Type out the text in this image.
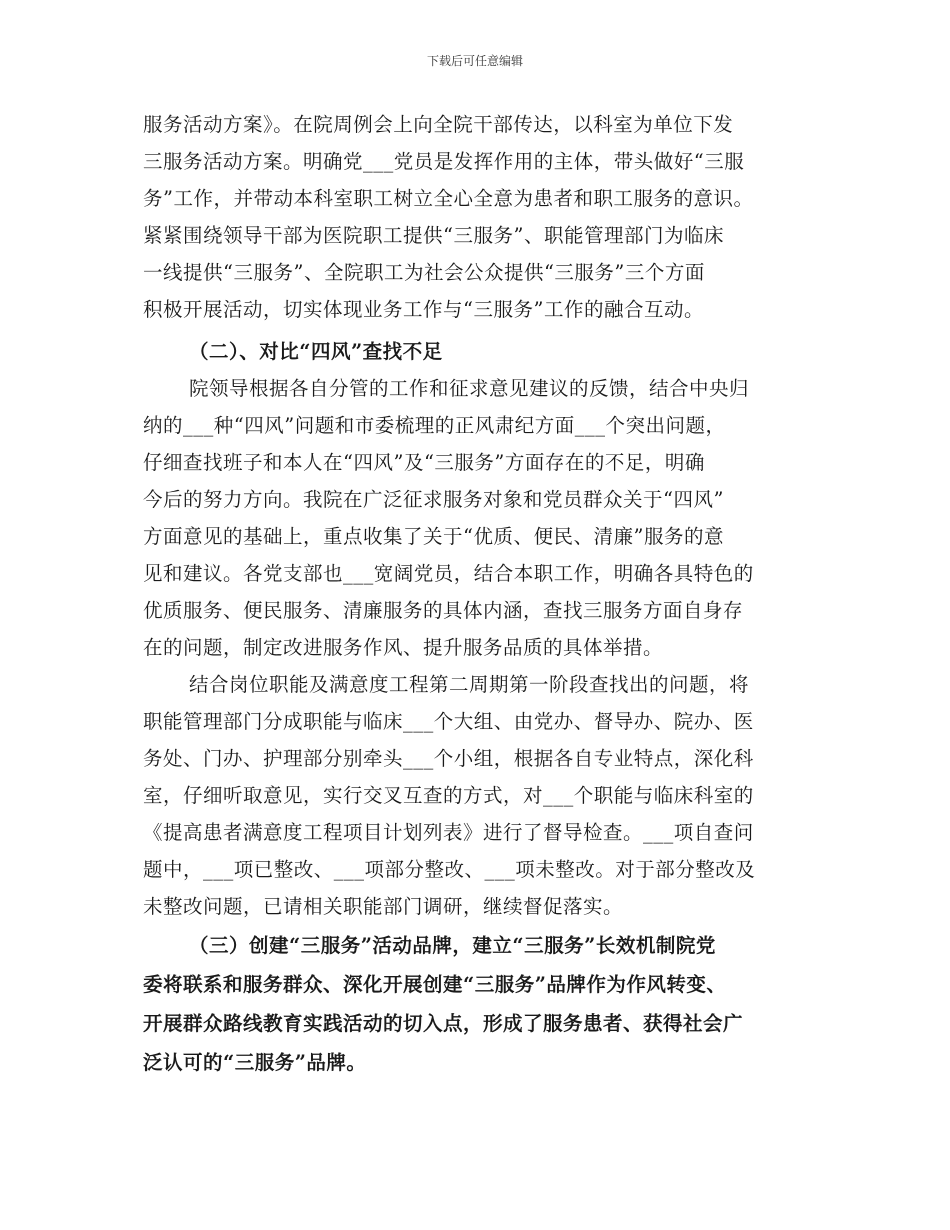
下载后可任意编辑
服务活动方案》。在院周例会上向全院干部传达，以科室为单位下发
三服务活动方案。明确党___党员是发挥作用的主体，带头做好“三服
务”工作，并带动本科室职工树立全心全意为患者和职工服务的意识。
紧紧围绕领导干部为医院职工提供“三服务”、职能管理部门为临床
一线提供“三服务”、全院职工为社会公众提供“三服务”三个方面
积极开展活动，切实体现业务工作与“三服务”工作的融合互动。
（二）、对比“四风”查找不足
院领导根据各自分管的工作和征求意见建议的反馈，结合中央归
纳的___种“四风”问题和市委梳理的正风肃纪方面___个突出问题，
仔细查找班子和本人在“四风”及“三服务”方面存在的不足，明确
今后的努力方向。我院在广泛征求服务对象和党员群众关于“四风”
方面意见的基础上，重点收集了关于“优质、便民、清廉”服务的意
见和建议。各党支部也___宽阔党员，结合本职工作，明确各具特色的
优质服务、便民服务、清廉服务的具体内涵，查找三服务方面自身存
在的问题，制定改进服务作风、提升服务品质的具体举措。
结合岗位职能及满意度工程第二周期第一阶段查找出的问题，将
职能管理部门分成职能与临床___个大组、由党办、督导办、院办、医
务处、门办、护理部分别牵头___个小组，根据各自专业特点，深化科
室，仔细听取意见，实行交叉互查的方式，对___个职能与临床科室的
《提高患者满意度工程项目计划列表》进行了督导检查。___项自查问
题中，___项已整改、___项部分整改、___项未整改。对于部分整改及
未整改问题，已请相关职能部门调研，继续督促落实。
（三）创建“三服务”活动品牌，建立“三服务”长效机制院党
委将联系和服务群众、深化开展创建“三服务”品牌作为作风转变、
开展群众路线教育实践活动的切入点，形成了服务患者、获得社会广
泛认可的“三服务”品牌。
